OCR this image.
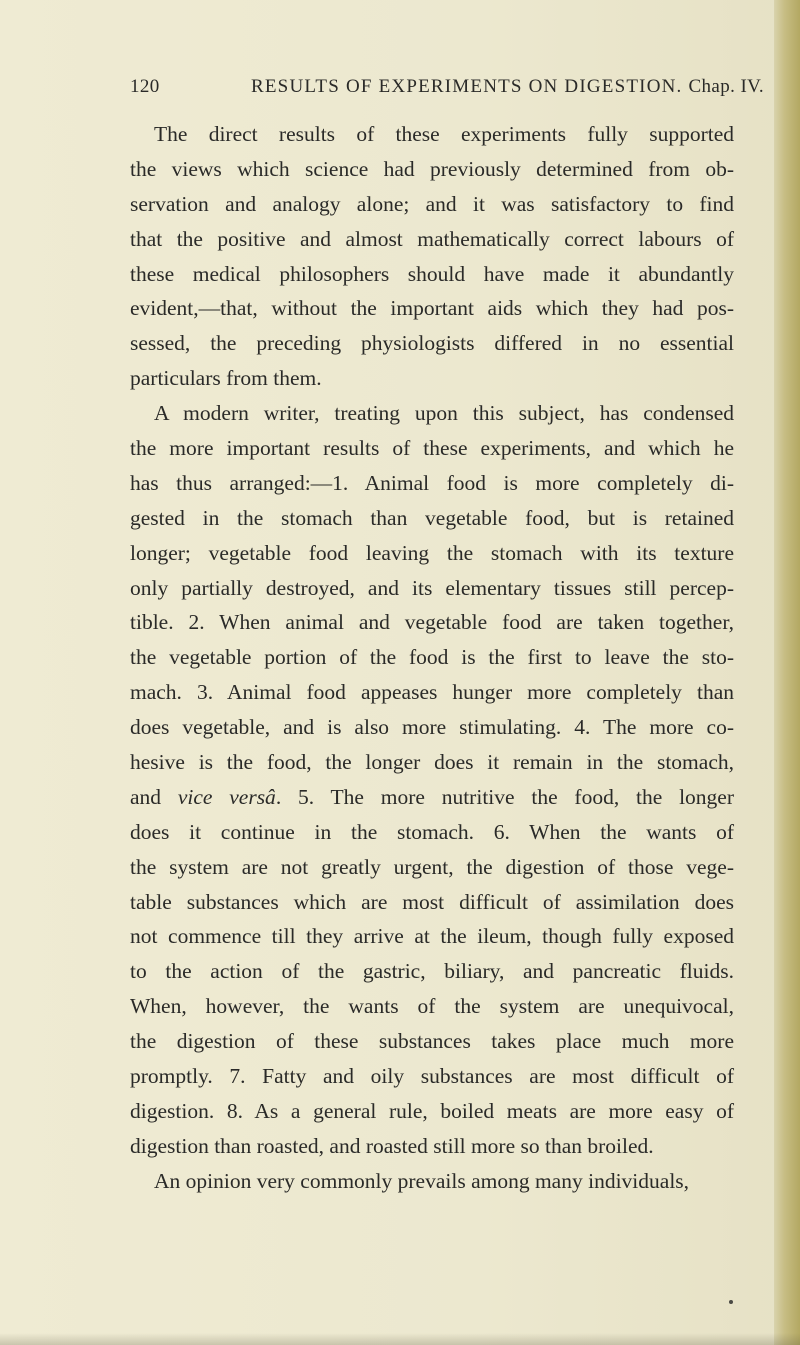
120	RESULTS OF EXPERIMENTS ON DIGESTION. Chap. IV.
The direct results of these experiments fully supported
the views which science had previously determined from ob-
servation and analogy alone; and it was satisfactory to find
that the positive and almost mathematically correct labours of
these medical philosophers should have made it abundantly
evident,—that, without the important aids which they had pos-
sessed, the preceding physiologists differed in no essential
particulars from them.
A modern writer, treating upon this subject, has condensed
the more important results of these experiments, and which he
has thus arranged:—1. Animal food is more completely di-
gested in the stomach than vegetable food, but is retained
longer; vegetable food leaving the stomach with its texture
only partially destroyed, and its elementary tissues still percep-
tible. 2. When animal and vegetable food are taken together,
the vegetable portion of the food is the first to leave the sto-
mach. 3. Animal food appeases hunger more completely than
does vegetable, and is also more stimulating. 4. The more co-
hesive is the food, the longer does it remain in the stomach,
and vice versâ. 5. The more nutritive the food, the longer
does it continue in the stomach. 6. When the wants of
the system are not greatly urgent, the digestion of those vege-
table substances which are most difficult of assimilation does
not commence till they arrive at the ileum, though fully exposed
to the action of the gastric, biliary, and pancreatic fluids.
When, however, the wants of the system are unequivocal,
the digestion of these substances takes place much more
promptly. 7. Fatty and oily substances are most difficult of
digestion. 8. As a general rule, boiled meats are more easy of
digestion than roasted, and roasted still more so than broiled.
An opinion very commonly prevails among many individuals,
